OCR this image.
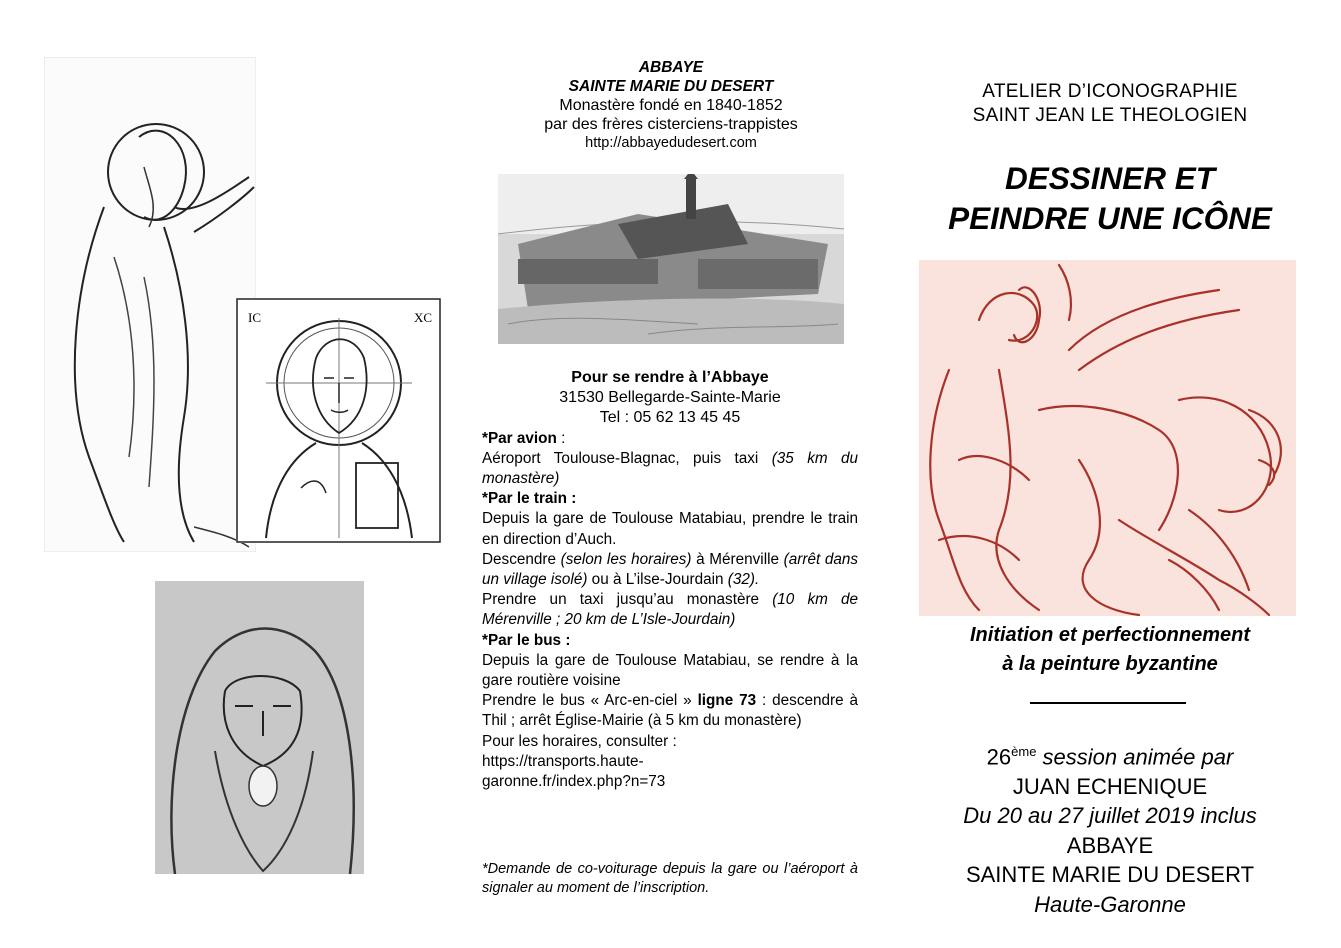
IC	XC
ABBAYE
SAINTE MARIE DU DESERT
Monastère fondé en 1840-1852
par des frères cisterciens-trappistes
http://abbayedudesert.com
Pour se rendre à l’Abbaye
31530 Bellegarde-Sainte-Marie
Tel : 05 62 13 45 45
*Par avion :
Aéroport Toulouse-Blagnac, puis taxi (35 km du monastère)
*Par le train :
Depuis la gare de Toulouse Matabiau, prendre le train en direction d’Auch.
Descendre (selon les horaires) à Mérenville (arrêt dans un village isolé) ou à L’ilse-Jourdain (32).
Prendre un taxi jusqu’au monastère (10 km de Mérenville ; 20 km de L’Isle-Jourdain)
*Par le bus :
Depuis la gare de Toulouse Matabiau, se rendre à la gare routière voisine
Prendre le bus « Arc-en-ciel » ligne 73 : descendre à Thil ; arrêt Église-Mairie (à 5 km du monastère)
Pour les horaires, consulter :
https://transports.haute-
garonne.fr/index.php?n=73
*Demande de co-voiturage depuis la gare ou l’aéroport à signaler au moment de l’inscription.
ATELIER D’ICONOGRAPHIE
SAINT JEAN LE THEOLOGIEN
DESSINER ET
PEINDRE UNE ICÔNE
Initiation et perfectionnement
à la peinture byzantine
26ème session animée par
JUAN ECHENIQUE
Du 20 au 27 juillet 2019 inclus
ABBAYE
SAINTE MARIE DU DESERT
Haute-Garonne
